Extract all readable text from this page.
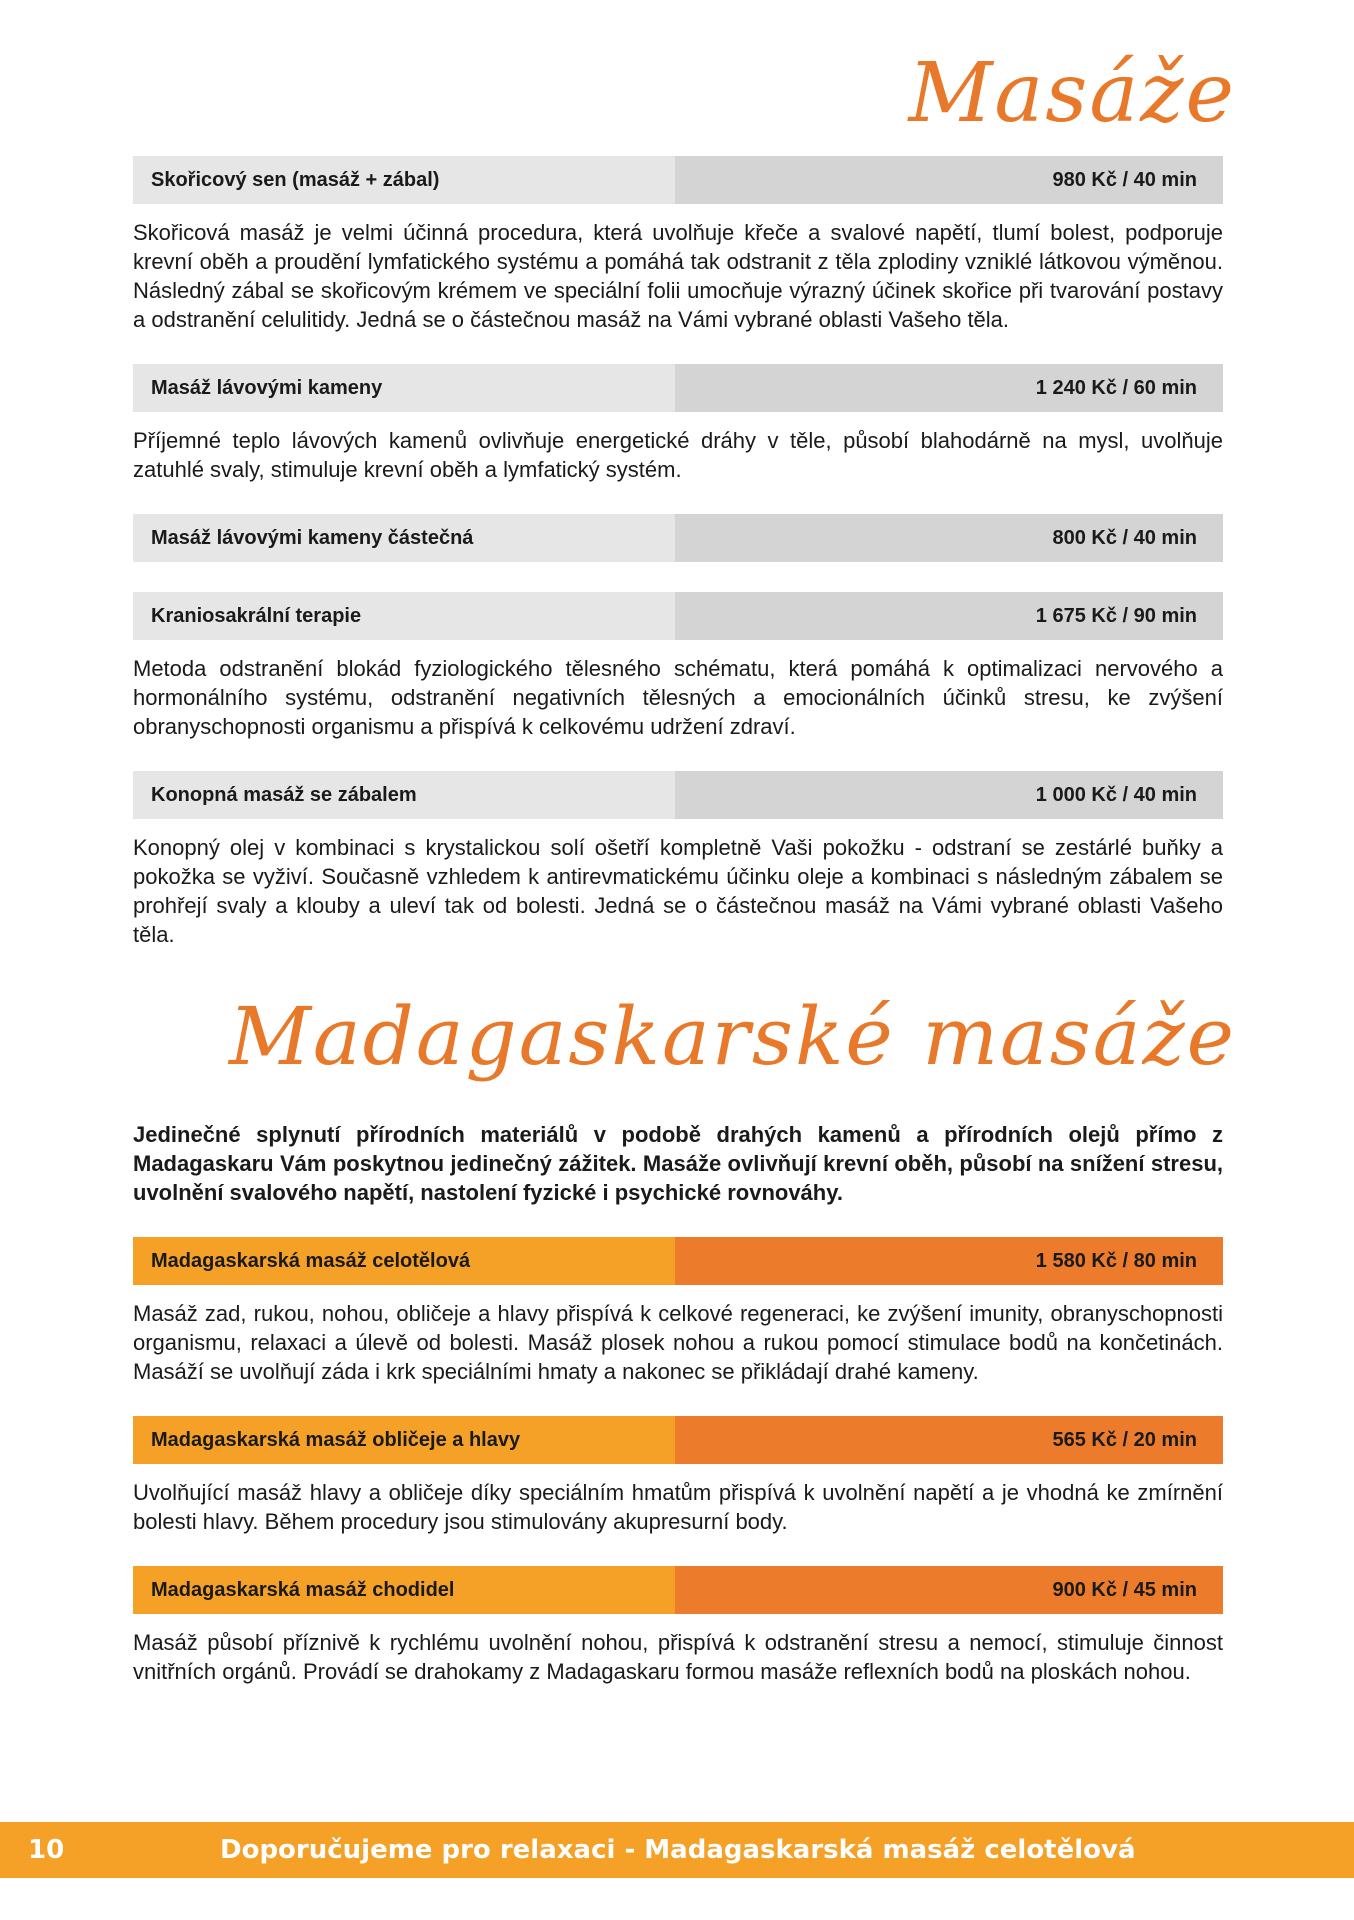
Masáže
Skořicový sen (masáž + zábal)	980 Kč / 40 min

Skořicová masáž je velmi účinná procedura, která uvolňuje křeče a svalové napětí, tlumí bolest, podporuje krevní oběh a proudění lymfatického systému a pomáhá tak odstranit z těla zplodiny vzniklé látkovou výměnou. Následný zábal se skořicovým krémem ve speciální folii umocňuje výrazný účinek skořice při tvarování postavy a odstranění celulitidy. Jedná se o částečnou masáž na Vámi vybrané oblasti Vašeho těla.

Masáž lávovými kameny	1 240 Kč / 60 min

Příjemné teplo lávových kamenů ovlivňuje energetické dráhy v těle, působí blahodárně na mysl, uvolňuje zatuhlé svaly, stimuluje krevní oběh a lymfatický systém.

Masáž lávovými kameny částečná	800 Kč / 40 min
Kraniosakrální terapie	1 675 Kč / 90 min

Metoda odstranění blokád fyziologického tělesného schématu, která pomáhá k optimalizaci nervového a hormonálního systému, odstranění negativních tělesných a emocionálních účinků stresu, ke zvýšení obranyschopnosti organismu a přispívá k celkovému udržení zdraví.

Konopná masáž se zábalem	1 000 Kč / 40 min

Konopný olej v kombinaci s krystalickou solí ošetří kompletně Vaši pokožku - odstraní se zestárlé buňky a pokožka se vyživí. Současně vzhledem k antirevmatickému účinku oleje a kombinaci s následným zábalem se prohřejí svaly a klouby a uleví tak od bolesti. Jedná se o částečnou masáž na Vámi vybrané oblasti Vašeho těla.

Madagaskarské masáže

Jedinečné splynutí přírodních materiálů v podobě drahých kamenů a přírodních olejů přímo z Madagaskaru Vám poskytnou jedinečný zážitek. Masáže ovlivňují krevní oběh, působí na snížení stresu, uvolnění svalového napětí, nastolení fyzické i psychické rovnováhy.

Madagaskarská masáž celotělová	1 580 Kč / 80 min

Masáž zad, rukou, nohou, obličeje a hlavy přispívá k celkové regeneraci, ke zvýšení imunity, obranyschopnosti organismu, relaxaci a úlevě od bolesti. Masáž plosek nohou a rukou pomocí stimulace bodů na končetinách. Masáží se uvolňují záda i krk speciálními hmaty a nakonec se přikládají drahé kameny.

Madagaskarská masáž obličeje a hlavy	565 Kč / 20 min

Uvolňující masáž hlavy a obličeje díky speciálním hmatům přispívá k uvolnění napětí a je vhodná ke zmírnění bolesti hlavy. Během procedury jsou stimulovány akupresurní body.

Madagaskarská masáž chodidel	900 Kč / 45 min

Masáž působí příznivě k rychlému uvolnění nohou, přispívá k odstranění stresu a nemocí, stimuluje činnost vnitřních orgánů. Provádí se drahokamy z Madagaskaru formou masáže reflexních bodů na ploskách nohou.

10	Doporučujeme pro relaxaci - Madagaskarská masáž celotělová
